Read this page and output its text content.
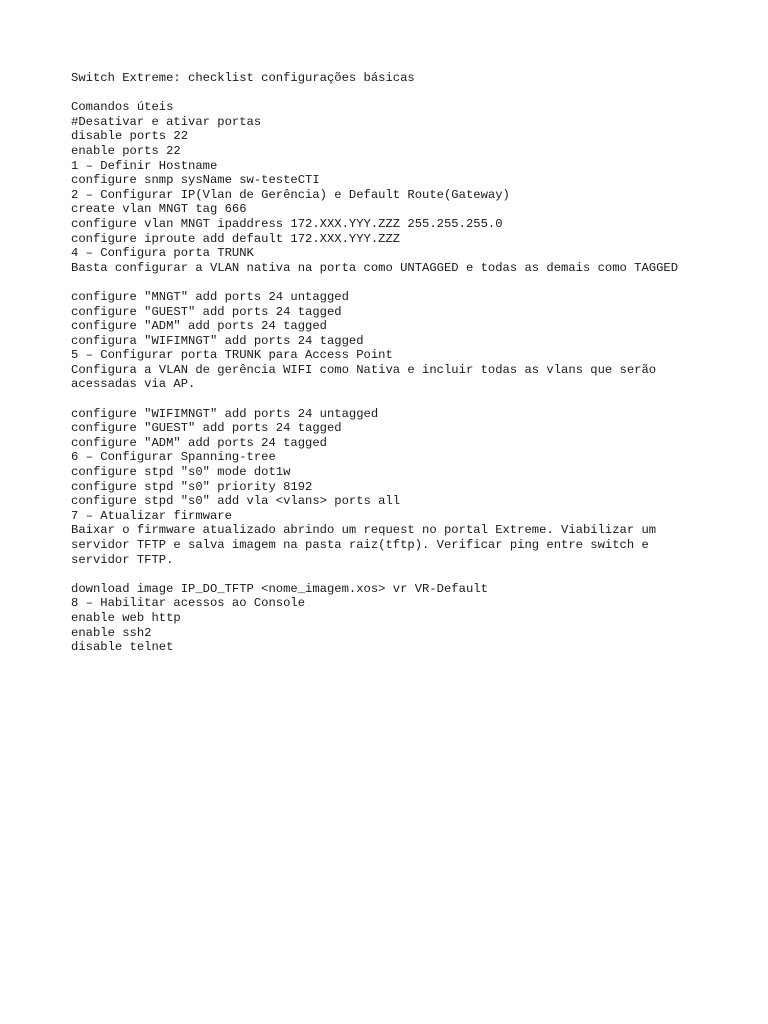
Switch Extreme: checklist configurações básicas
Comandos úteis
#Desativar e ativar portas
disable ports 22
enable ports 22
1 – Definir Hostname
configure snmp sysName sw-testeCTI
2 – Configurar IP(Vlan de Gerência) e Default Route(Gateway)
create vlan MNGT tag 666
configure vlan MNGT ipaddress 172.XXX.YYY.ZZZ 255.255.255.0
configure iproute add default 172.XXX.YYY.ZZZ
4 – Configura porta TRUNK
Basta configurar a VLAN nativa na porta como UNTAGGED e todas as demais como TAGGED
configure "MNGT" add ports 24 untagged
configure "GUEST" add ports 24 tagged
configure "ADM" add ports 24 tagged
configura "WIFIMNGT" add ports 24 tagged
5 – Configurar porta TRUNK para Access Point
Configura a VLAN de gerência WIFI como Nativa e incluir todas as vlans que serão acessadas via AP.
configure "WIFIMNGT" add ports 24 untagged
configure "GUEST" add ports 24 tagged
configure "ADM" add ports 24 tagged
6 – Configurar Spanning-tree
configure stpd "s0" mode dot1w
configure stpd "s0" priority 8192
configure stpd "s0" add vla <vlans> ports all
7 – Atualizar firmware
Baixar o firmware atualizado abrindo um request no portal Extreme. Viabilizar um servidor TFTP e salva imagem na pasta raiz(tftp). Verificar ping entre switch e servidor TFTP.
download image IP_DO_TFTP <nome_imagem.xos> vr VR-Default
8 – Habilitar acessos ao Console
enable web http
enable ssh2
disable telnet
